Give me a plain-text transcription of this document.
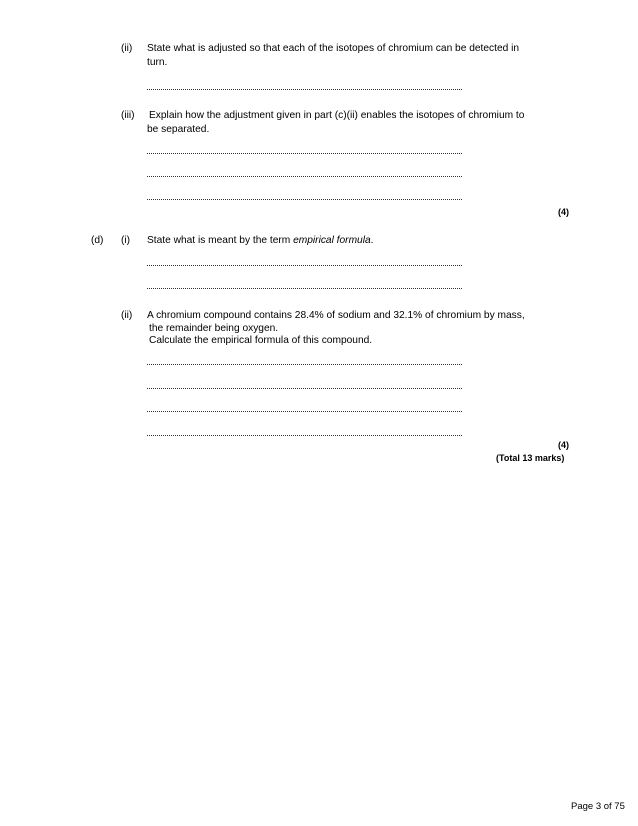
(ii) State what is adjusted so that each of the isotopes of chromium can be detected in
turn.
(iii) Explain how the adjustment given in part (c)(ii) enables the isotopes of chromium to
be separated.
(4)
(d) (i) State what is meant by the term empirical formula.
(ii) A chromium compound contains 28.4% of sodium and 32.1% of chromium by mass,
the remainder being oxygen.
Calculate the empirical formula of this compound.
(4)
(Total 13 marks)
Page 3 of 75
